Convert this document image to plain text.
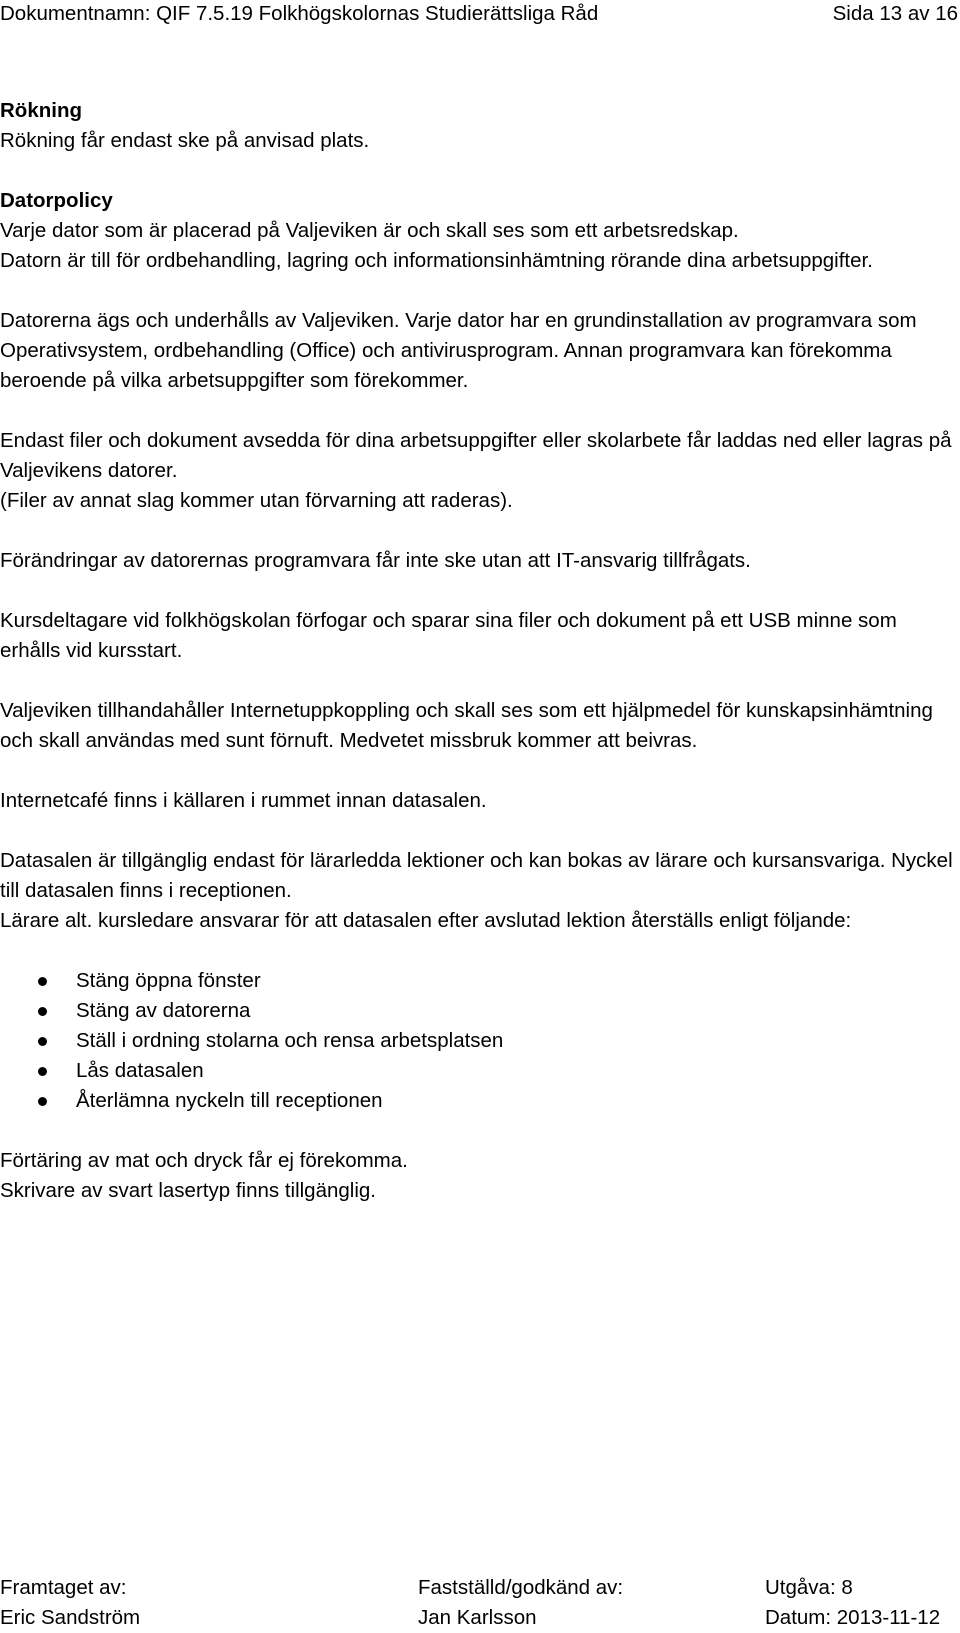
Dokumentnamn: QIF 7.5.19 Folkhögskolornas Studierättsliga Råd	Sida 13 av 16

Rökning

Rökning får endast ske på anvisad plats.

Datorpolicy

Varje dator som är placerad på Valjeviken är och skall ses som ett arbetsredskap.

Datorn är till för ordbehandling, lagring och informationsinhämtning rörande dina arbetsuppgifter.

Datorerna ägs och underhålls av Valjeviken. Varje dator har en grundinstallation av programvara som Operativsystem, ordbehandling (Office) och antivirusprogram. Annan programvara kan förekomma beroende på vilka arbetsuppgifter som förekommer.

Endast filer och dokument avsedda för dina arbetsuppgifter eller skolarbete får laddas ned eller lagras på Valjevikens datorer.

(Filer av annat slag kommer utan förvarning att raderas).

Förändringar av datorernas programvara får inte ske utan att IT-ansvarig tillfrågats.

Kursdeltagare vid folkhögskolan förfogar och sparar sina filer och dokument på ett USB minne som erhålls vid kursstart.

Valjeviken tillhandahåller Internetuppkoppling och skall ses som ett hjälpmedel för kunskapsinhämtning och skall användas med sunt förnuft. Medvetet missbruk kommer att beivras.

Internetcafé finns i källaren i rummet innan datasalen.

Datasalen är tillgänglig endast för lärarledda lektioner och kan bokas av lärare och kursansvariga. Nyckel till datasalen finns i receptionen.

Lärare alt. kursledare ansvarar för att datasalen efter avslutad lektion återställs enligt följande:

Stäng öppna fönster
Stäng av datorerna
Ställ i ordning stolarna och rensa arbetsplatsen
Lås datasalen
Återlämna nyckeln till receptionen

Förtäring av mat och dryck får ej förekomma.

Skrivare av svart lasertyp finns tillgänglig.

Framtaget av:
Eric Sandström
Fastställd/godkänd av:
Jan Karlsson
Utgåva: 8
Datum: 2013-11-12
